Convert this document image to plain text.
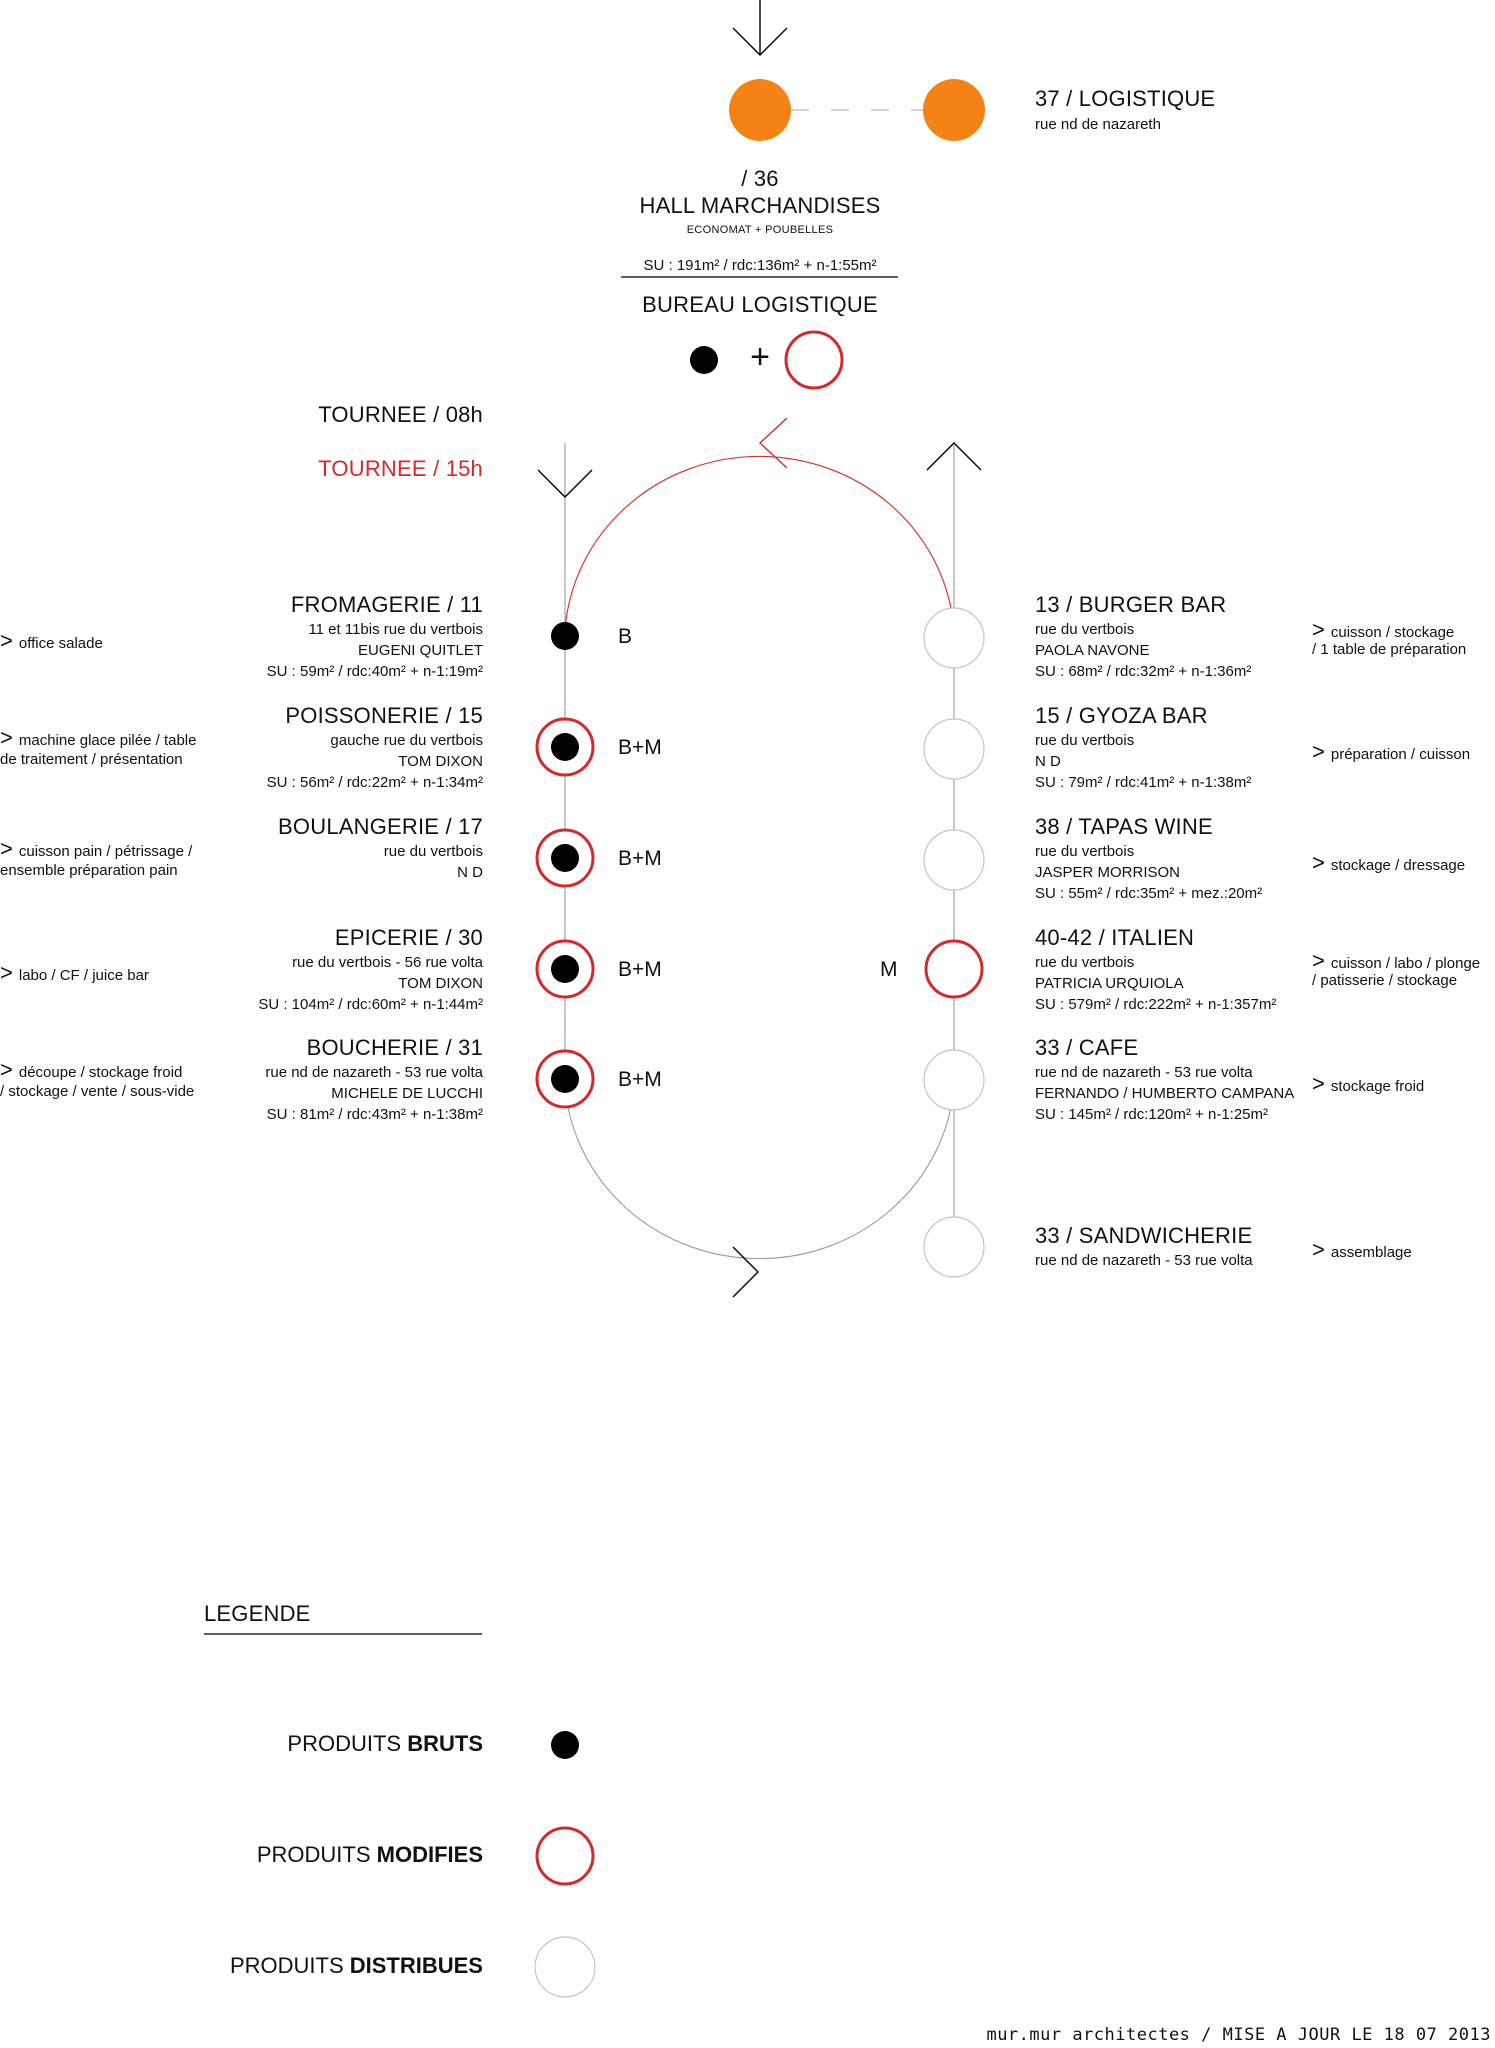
37 / LOGISTIQUE
rue nd de nazareth
/ 36
HALL MARCHANDISES
ECONOMAT + POUBELLES
SU : 191m² / rdc:136m² + n-1:55m²
BUREAU LOGISTIQUE
+
TOURNEE / 08h
TOURNEE / 15h
FROMAGERIE / 11
11 et 11bis rue du vertbois
EUGENI QUITLET
SU : 59m² / rdc:40m² + n-1:19m²
B
> office salade
POISSONERIE / 15
gauche rue du vertbois
TOM DIXON
SU : 56m² / rdc:22m² + n-1:34m²
B+M
> machine glace pilée / table
de traitement / présentation
BOULANGERIE / 17
rue du vertbois
N D
B+M
> cuisson pain / pétrissage /
ensemble préparation pain
EPICERIE / 30
rue du vertbois - 56 rue volta
TOM DIXON
SU : 104m² / rdc:60m² + n-1:44m²
B+M
> labo / CF / juice bar
BOUCHERIE / 31
rue nd de nazareth - 53 rue volta
MICHELE DE LUCCHI
SU : 81m² / rdc:43m² + n-1:38m²
B+M
> découpe / stockage froid
/ stockage / vente / sous-vide
13 / BURGER BAR
rue du vertbois
PAOLA NAVONE
SU : 68m² / rdc:32m² + n-1:36m²
> cuisson / stockage
/ 1 table de préparation
15 / GYOZA BAR
rue du vertbois
N D
SU : 79m² / rdc:41m² + n-1:38m²
> préparation / cuisson
38 / TAPAS WINE
rue du vertbois
JASPER MORRISON
SU : 55m² / rdc:35m² + mez.:20m²
> stockage / dressage
M
40-42 / ITALIEN
rue du vertbois
PATRICIA URQUIOLA
SU : 579m² / rdc:222m² + n-1:357m²
> cuisson / labo / plonge
/ patisserie / stockage
33 / CAFE
rue nd de nazareth - 53 rue volta
FERNANDO / HUMBERTO CAMPANA
SU : 145m² / rdc:120m² + n-1:25m²
> stockage froid
33 / SANDWICHERIE
rue nd de nazareth - 53 rue volta	> assemblage
LEGENDE
PRODUITS BRUTS
PRODUITS MODIFIES
PRODUITS DISTRIBUES
mur.mur architectes / MISE A JOUR LE 18 07 2013
